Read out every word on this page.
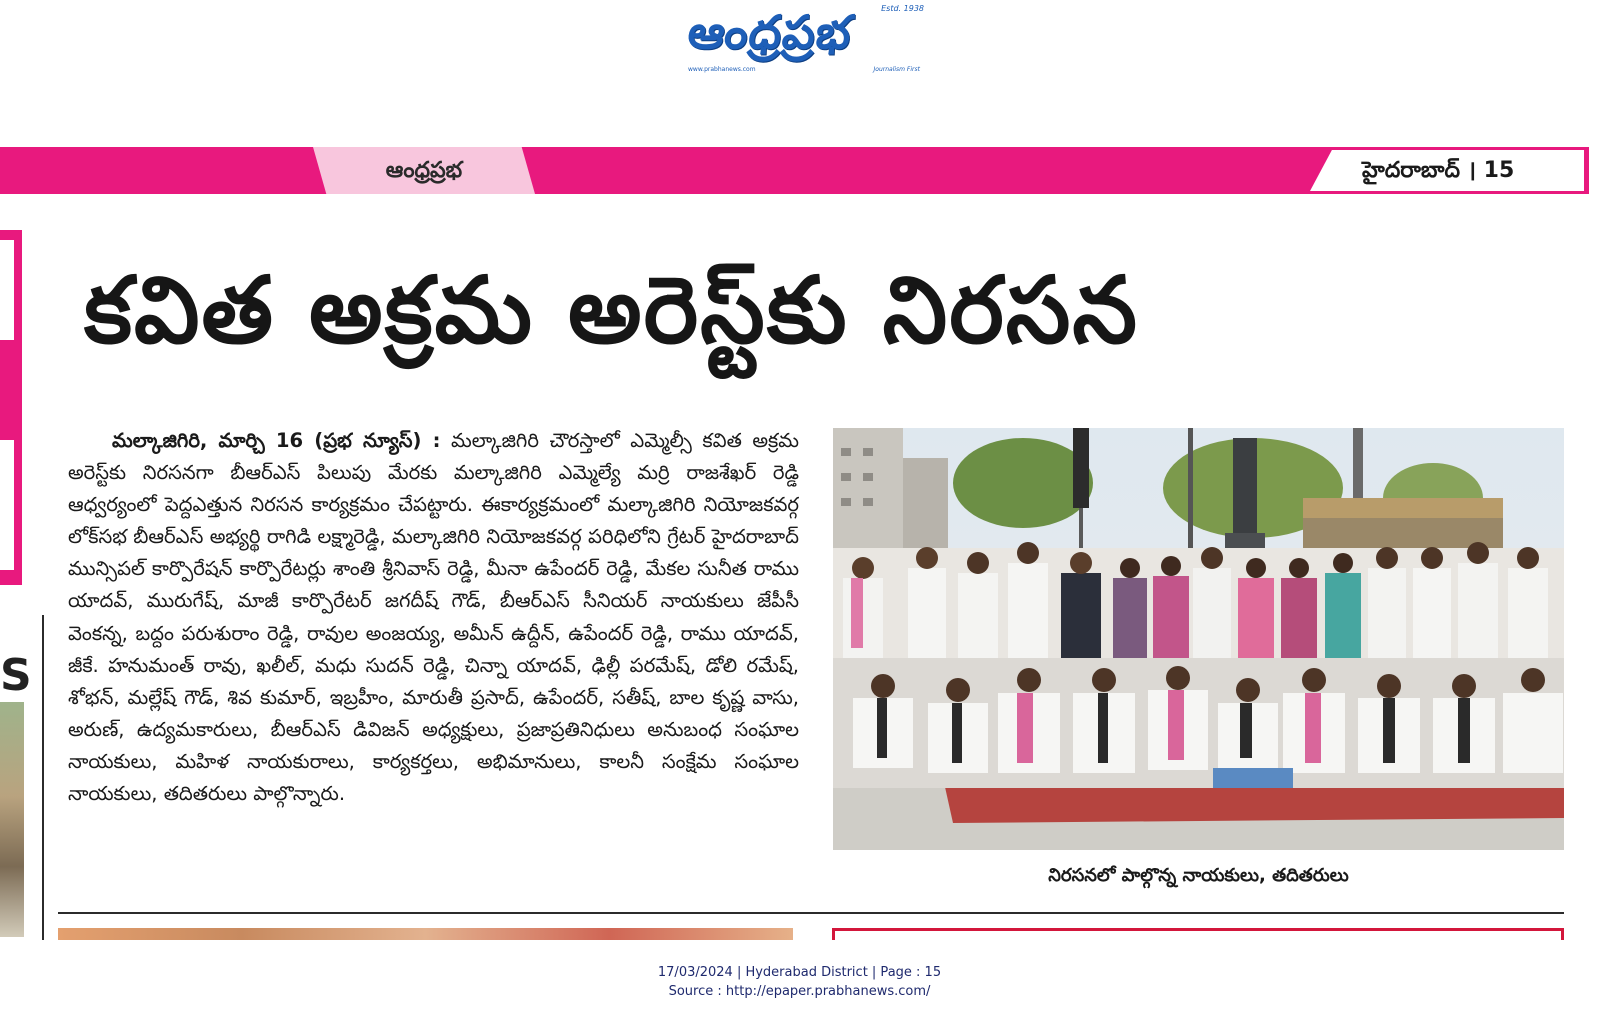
ఆంధ్రప్రభ	Estd. 1938
www.prabhanews.com	Journalism First
ఆంధ్రప్రభ	హైదరాబాద్‌ । 15
S
కవిత అక్రమ అరెస్ట్‌కు నిరసన

మల్కాజిగిరి, మార్చి 16 (ప్రభ న్యూస్‌) : మల్కాజిగిరి చౌరస్తాలో ఎమ్మెల్సీ కవిత అక్రమ అరెస్ట్‌కు నిరసనగా బీఆర్‌ఎస్‌ పిలుపు మేరకు మల్కాజిగిరి ఎమ్మెల్యే మర్రి రాజశేఖర్‌ రెడ్డి ఆధ్వర్యంలో పెద్దఎత్తున నిరసన కార్యక్రమం చేపట్టారు. ఈకార్యక్రమంలో మల్కాజిగిరి నియోజకవర్గ లోక్‌సభ బీఆర్‌ఎస్‌ అభ్యర్థి రాగిడి లక్ష్మారెడ్డి, మల్కాజిగిరి నియోజకవర్గ పరిధిలోని గ్రేటర్‌ హైదరాబాద్‌ మున్సిపల్‌ కార్పొరేషన్‌ కార్పొరేటర్లు శాంతి శ్రీనివాస్‌ రెడ్డి, మీనా ఉపేందర్‌ రెడ్డి, మేకల సునీత రాము యాదవ్‌, మురుగేష్‌, మాజీ కార్పొరేటర్‌ జగదీష్‌ గౌడ్‌, బీఆర్‌ఎస్‌ సీనియర్‌ నాయకులు జేపీసీ వెంకన్న, బద్దం పరుశురాం రెడ్డి, రావుల అంజయ్య, అమీన్‌ ఉద్దీన్‌, ఉపేందర్‌ రెడ్డి, రాము యాదవ్‌, జీకే. హనుమంత్‌ రావు, ఖలీల్‌, మధు సుదన్‌ రెడ్డి, చిన్నా యాదవ్‌, ఢిల్లీ పరమేష్‌, డోలి రమేష్‌, శోభన్‌, మల్లేష్‌ గౌడ్‌, శివ కుమార్‌, ఇబ్రహీం, మారుతీ ప్రసాద్‌, ఉపేందర్‌, సతీష్‌, బాల కృష్ణ వాసు, అరుణ్‌, ఉద్యమకారులు, బీఆర్‌ఎస్‌ డివిజన్‌ అధ్యక్షులు, ప్రజాప్రతినిధులు అనుబంధ సంఘాల నాయకులు, మహిళ నాయకురాలు, కార్యకర్తలు, అభిమానులు, కాలనీ సంక్షేమ సంఘాల నాయకులు, తదితరులు పాల్గొన్నారు.

నిరసనలో పాల్గొన్న నాయకులు, తదితరులు
17/03/2024 | Hyderabad District | Page : 15
Source : http://epaper.prabhanews.com/
